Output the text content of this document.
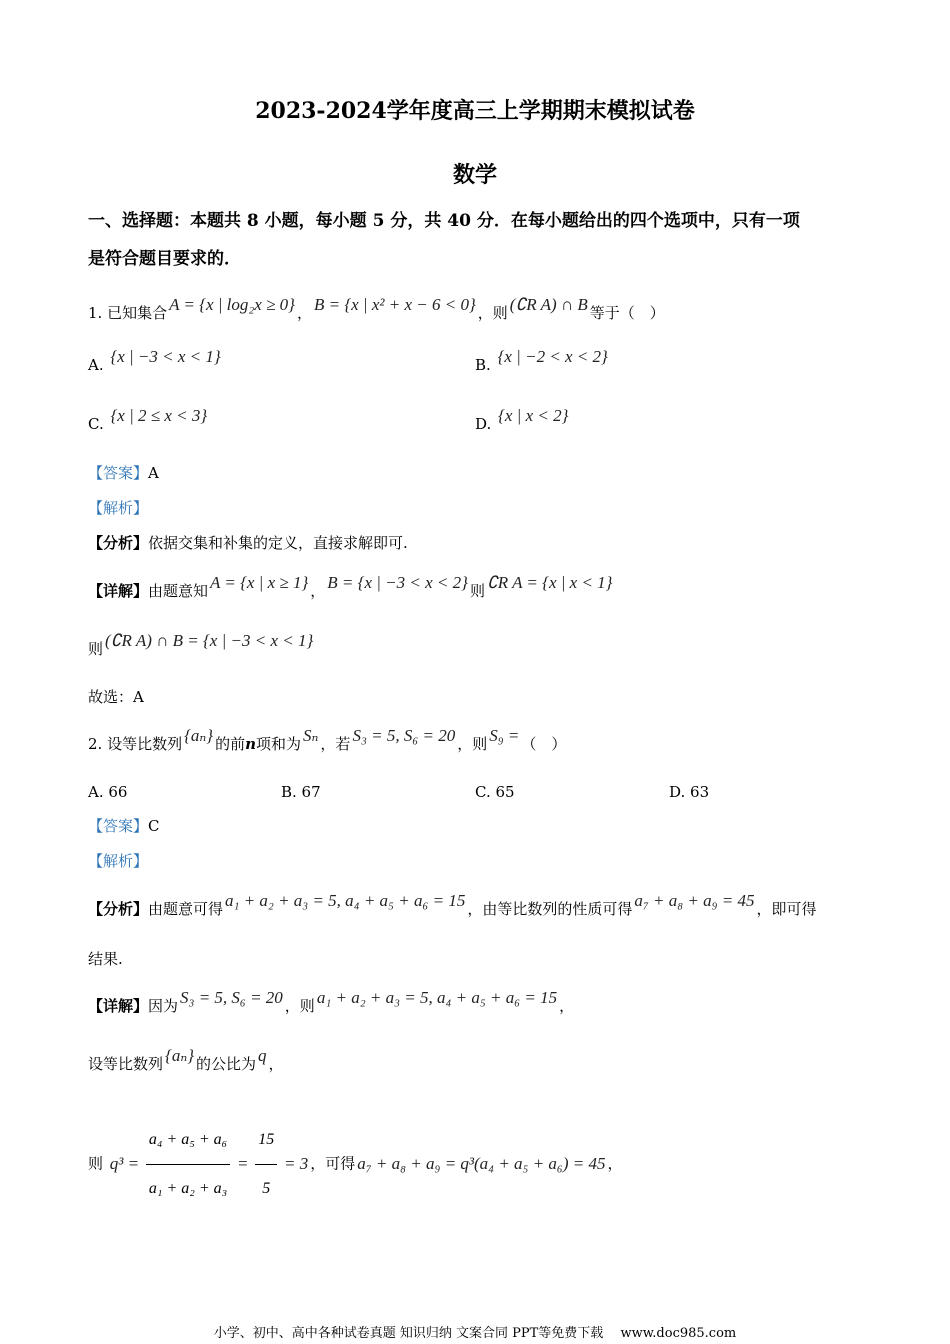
2023-2024学年度高三上学期期末模拟试卷
数学
一、选择题：本题共 8 小题，每小题 5 分，共 40 分．在每小题给出的四个选项中，只有一项
是符合题目要求的．
1. 已知集合 A = {x | log₂x ≥ 0} ， B = {x | x² + x − 6 < 0} ，则 (∁R A) ∩ B 等于（　）
A. {x | −3 < x < 1}	B. {x | −2 < x < 2}
C. {x | 2 ≤ x < 3}	D. {x | x < 2}
【答案】A
【解析】
【分析】依据交集和补集的定义，直接求解即可.
【详解】由题意知 A = {x | x ≥ 1} ， B = {x | −3 < x < 2} 则 ∁R A = {x | x < 1}
则 (∁R A) ∩ B = {x | −3 < x < 1}
故选：A
2. 设等比数列 {aₙ} 的前n项和为 Sₙ ，若 S₃ = 5, S₆ = 20 ，则 S₉ = （　）
A. 66	B. 67	C. 65	D. 63
【答案】C
【解析】
【分析】由题意可得 a₁ + a₂ + a₃ = 5, a₄ + a₅ + a₆ = 15 ，由等比数列的性质可得 a₇ + a₈ + a₉ = 45 ，即可得
结果.
【详解】因为 S₃ = 5, S₆ = 20 ，则 a₁ + a₂ + a₃ = 5, a₄ + a₅ + a₆ = 15 ，
设等比数列 {aₙ} 的公比为 q ，
则 $q^3 = \frac{\text{a₄ + a₅ + a₆}}{\text{a₁ + a₂ + a₃}} = \frac{15}{5} = 3$ ，可得 a₇ + a₈ + a₉ = q³(a₄ + a₅ + a₆) = 45 ，
小学、初中、高中各种试卷真题 知识归纳 文案合同 PPT等免费下载　 www.doc985.com
